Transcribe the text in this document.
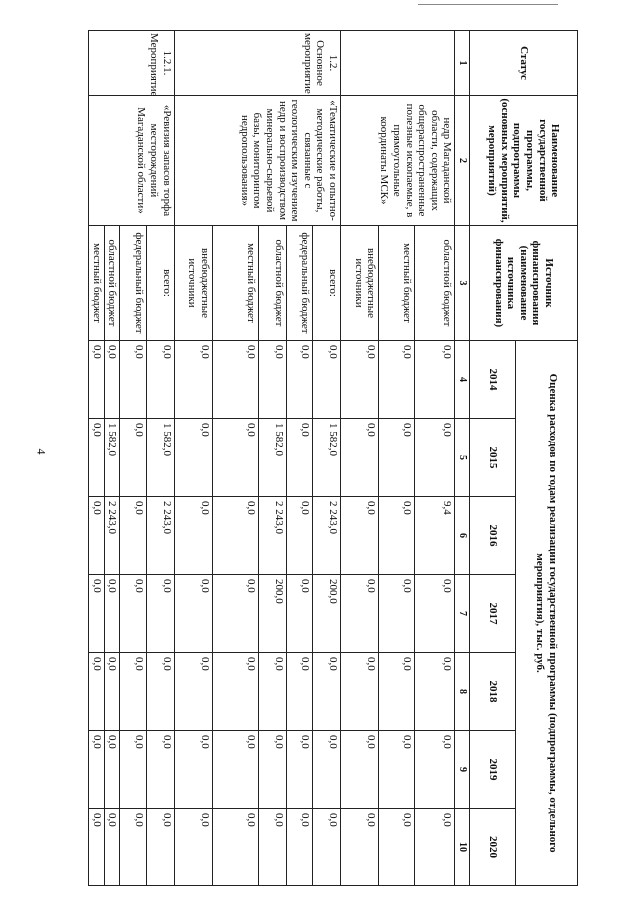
4
Статус	Наименование государственной программы, подпрограммы (основных мероприятий, мероприятий)	Источник финансирования (наименование источника финансирования)	Оценка расходов по годам реализации государственной программы (подпрограммы, отдельного мероприятия), тыс. руб.						
			2014	2015	2016	2017	2018	2019	2020
1	2	3	4	5	6	7	8	9	10
	недр Магаданской области, содержащих общераспространенные полезные ископаемые, в прямоугольные координаты МСК»	областной бюджет	0,0	0,0	9,4	0,0	0,0	0,0	0,0
		местный бюджет	0,0	0,0	0,0	0,0	0,0	0,0	0,0
		внебюджетные источники	0,0	0,0	0,0	0,0	0,0	0,0	0,0
1.2. Основное мероприятие	«Тематические и опытно-методические работы, связанные с геологическим изучением недр и воспроизводством минерально-сырьевой базы, мониторингом недропользования»	всего:	0,0	1 582,0	2 243,0	200,0	0,0	0,0	0,0
		федеральный бюджет	0,0	0,0	0,0	0,0	0,0	0,0	0,0
		областной бюджет	0,0	1 582,0	2 243,0	200,0	0,0	0,0	0,0
		местный бюджет	0,0	0,0	0,0	0,0	0,0	0,0	0,0
		внебюджетные источники	0,0	0,0	0,0	0,0	0,0	0,0	0,0
1.2.1. Мероприятие	«Ревизия запасов торфа месторождений Магаданской области»	всего:	0,0	1 582,0	2 243,0	0,0	0,0	0,0	0,0
		федеральный бюджет	0,0	0,0	0,0	0,0	0,0	0,0	0,0
		областной бюджет	0,0	1 582,0	2 243,0	0,0	0,0	0,0	0,0
		местный бюджет	0,0	0,0	0,0	0,0	0,0	0,0	0,0
